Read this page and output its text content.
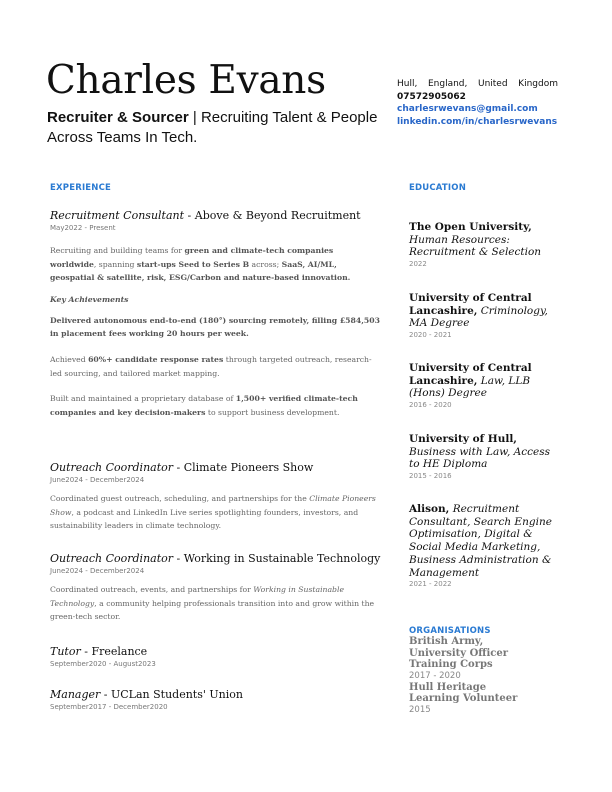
Charles Evans
Recruiter & Sourcer | Recruiting Talent & People Across Teams In Tech.
Hull, England, United Kingdom
07572905062
charlesrwevans@gmail.com
linkedin.com/in/charlesrwevans
EXPERIENCE	EDUCATION
Recruitment Consultant - Above & Beyond Recruitment
May2022 - Present
Recruiting and building teams for green and climate-tech companies worldwide, spanning start-ups Seed to Series B across; SaaS, AI/ML, geospatial & satellite, risk, ESG/Carbon and nature-based innovation.
Key Achievements
Delivered autonomous end-to-end (180°) sourcing remotely, filling £584,503 in placement fees working 20 hours per week.
Achieved 60%+ candidate response rates through targeted outreach, research-led sourcing, and tailored market mapping.
Built and maintained a proprietary database of 1,500+ verified climate-tech companies and key decision-makers to support business development.
Outreach Coordinator - Climate Pioneers Show
June2024 - December2024
Coordinated guest outreach, scheduling, and partnerships for the Climate Pioneers Show, a podcast and LinkedIn Live series spotlighting founders, investors, and sustainability leaders in climate technology.
Outreach Coordinator - Working in Sustainable Technology
June2024 - December2024
Coordinated outreach, events, and partnerships for Working in Sustainable Technology, a community helping professionals transition into and grow within the green-tech sector.
Tutor - Freelance
September2020 - August2023
Manager - UCLan Students' Union
September2017 - December2020
The Open University, Human Resources: Recruitment & Selection
2022
University of Central Lancashire, Criminology, MA Degree
2020 - 2021
University of Central Lancashire, Law, LLB (Hons) Degree
2016 - 2020
University of Hull, Business with Law, Access to HE Diploma
2015 - 2016
Alison, Recruitment Consultant, Search Engine Optimisation, Digital & Social Media Marketing, Business Administration & Management
2021 - 2022
ORGANISATIONS
British Army, University Officer Training Corps
2017 - 2020
Hull Heritage Learning Volunteer
2015
